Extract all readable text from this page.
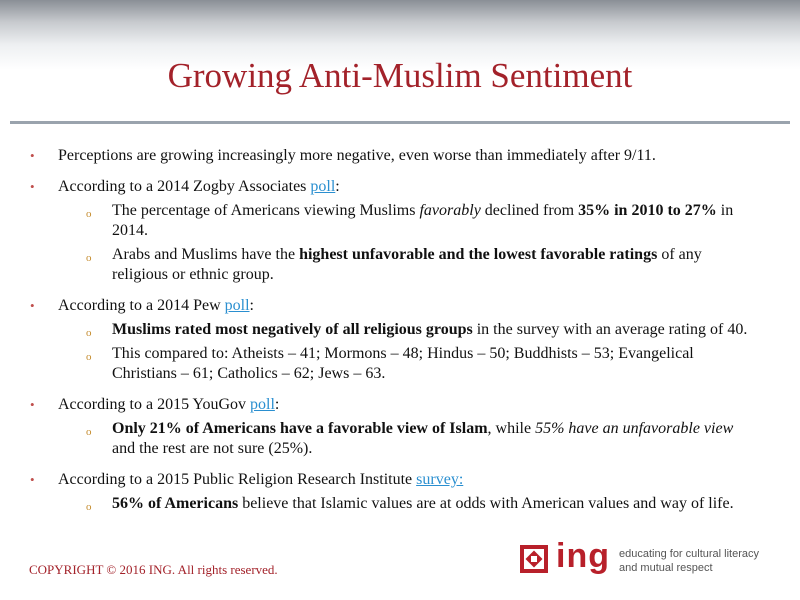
Growing Anti-Muslim Sentiment
• Perceptions are growing increasingly more negative, even worse than immediately after 9/11.
• According to a 2014 Zogby Associates poll:
o The percentage of Americans viewing Muslims favorably declined from 35% in 2010 to 27% in 2014.
o Arabs and Muslims have the highest unfavorable and the lowest favorable ratings of any religious or ethnic group.
• According to a 2014 Pew poll:
o Muslims rated most negatively of all religious groups in the survey with an average rating of 40.
o This compared to: Atheists – 41; Mormons – 48; Hindus – 50; Buddhists – 53; Evangelical Christians – 61; Catholics – 62; Jews – 63.
• According to a 2015 YouGov poll:
o Only 21% of Americans have a favorable view of Islam, while 55% have an unfavorable view and the rest are not sure (25%).
• According to a 2015 Public Religion Research Institute survey:
o 56% of Americans believe that Islamic values are at odds with American values and way of life.
COPYRIGHT © 2016 ING. All rights reserved.	ing educating for cultural literacy
and mutual respect
